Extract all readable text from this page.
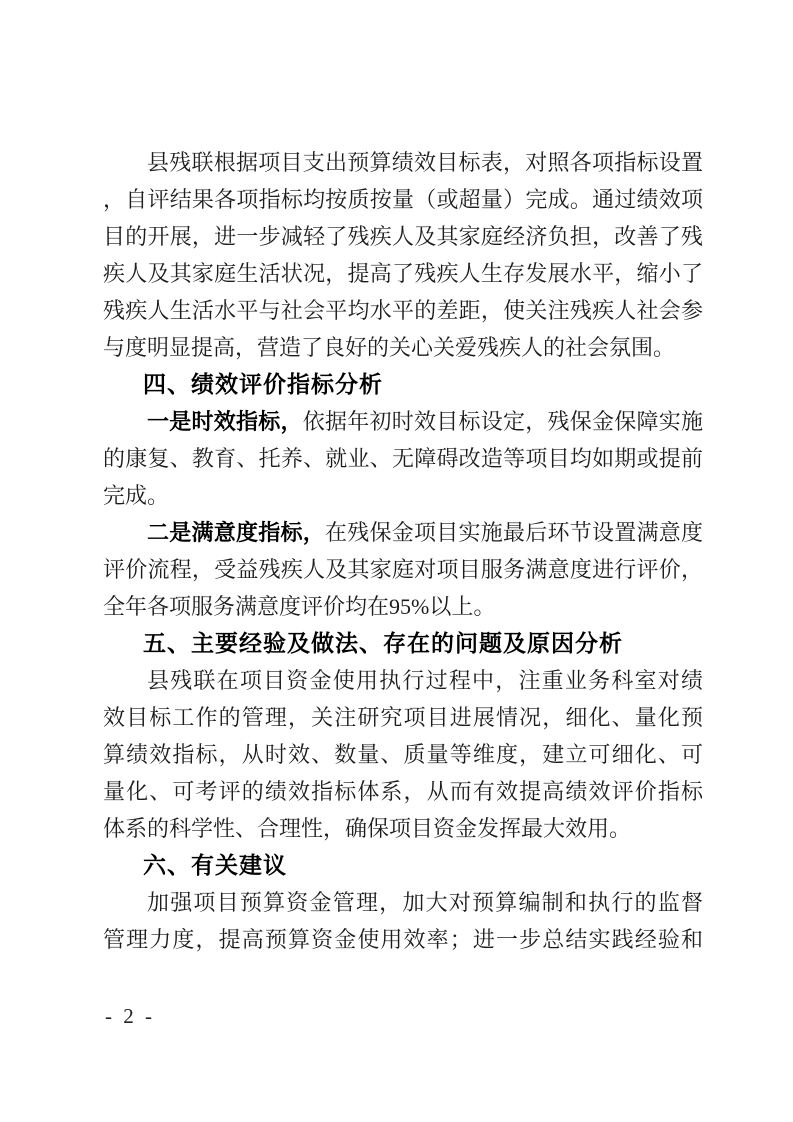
县残联根据项目支出预算绩效目标表，对照各项指标设置
，自评结果各项指标均按质按量（或超量）完成。通过绩效项
目的开展，进一步减轻了残疾人及其家庭经济负担，改善了残
疾人及其家庭生活状况，提高了残疾人生存发展水平，缩小了
残疾人生活水平与社会平均水平的差距，使关注残疾人社会参
与度明显提高，营造了良好的关心关爱残疾人的社会氛围。
四、绩效评价指标分析
一是时效指标，依据年初时效目标设定，残保金保障实施
的康复、教育、托养、就业、无障碍改造等项目均如期或提前
完成。
二是满意度指标，在残保金项目实施最后环节设置满意度
评价流程，受益残疾人及其家庭对项目服务满意度进行评价，
全年各项服务满意度评价均在95%以上。
五、主要经验及做法、存在的问题及原因分析
县残联在项目资金使用执行过程中，注重业务科室对绩
效目标工作的管理，关注研究项目进展情况，细化、量化预
算绩效指标，从时效、数量、质量等维度，建立可细化、可
量化、可考评的绩效指标体系，从而有效提高绩效评价指标
体系的科学性、合理性，确保项目资金发挥最大效用。
六、有关建议
加强项目预算资金管理，加大对预算编制和执行的监督
管理力度，提高预算资金使用效率；进一步总结实践经验和
- 2 -
